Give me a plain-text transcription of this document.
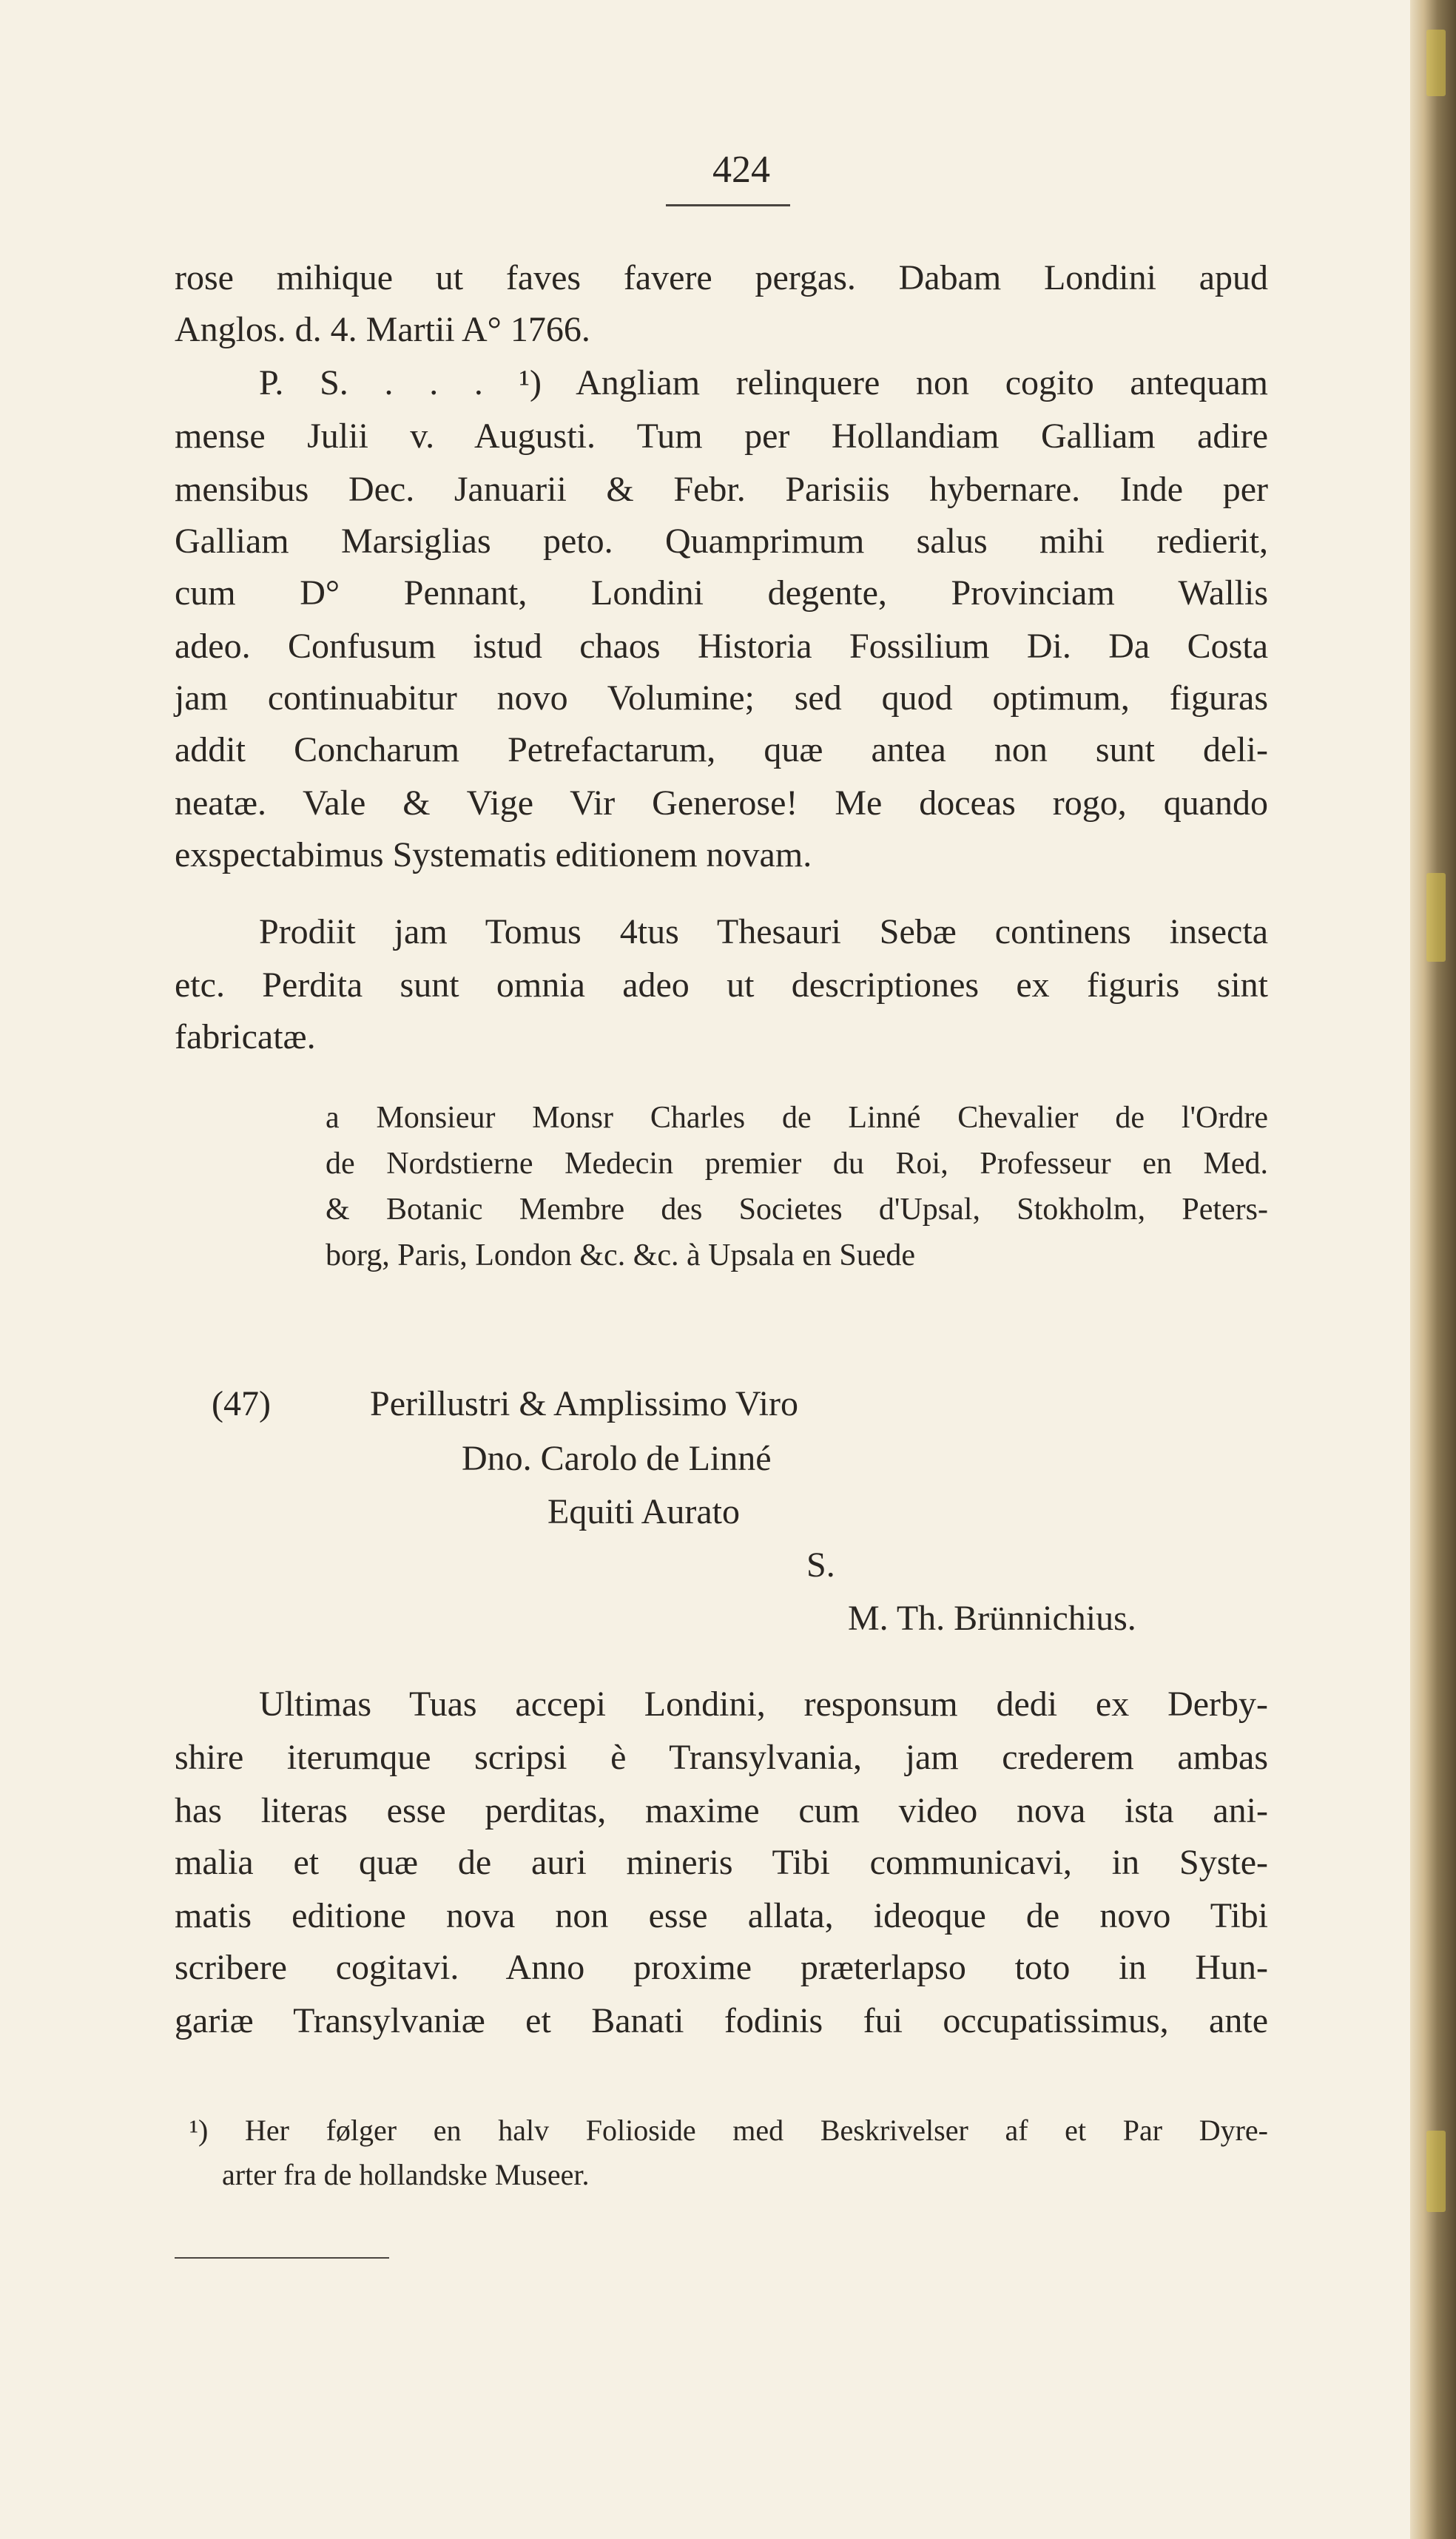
424
rose mihique ut faves favere pergas. Dabam Londini apud
Anglos. d. 4. Martii A° 1766.
P. S. . . . ¹) Angliam relinquere non cogito antequam
mense Julii v. Augusti. Tum per Hollandiam Galliam adire
mensibus Dec. Januarii & Febr. Parisiis hybernare. Inde per
Galliam Marsiglias peto. Quamprimum salus mihi redierit,
cum D° Pennant, Londini degente, Provinciam Wallis
adeo. Confusum istud chaos Historia Fossilium Di. Da Costa
jam continuabitur novo Volumine; sed quod optimum, figuras
addit Concharum Petrefactarum, quæ antea non sunt deli-
neatæ. Vale & Vige Vir Generose! Me doceas rogo, quando
exspectabimus Systematis editionem novam.
Prodiit jam Tomus 4tus Thesauri Sebæ continens insecta
etc. Perdita sunt omnia adeo ut descriptiones ex figuris sint
fabricatæ.
a Monsieur Monsr Charles de Linné Chevalier de l'Ordre
de Nordstierne Medecin premier du Roi, Professeur en Med.
& Botanic Membre des Societes d'Upsal, Stokholm, Peters-
borg, Paris, London &c. &c. à Upsala en Suede
(47)	Perillustri & Amplissimo Viro
Dno. Carolo de Linné
Equiti Aurato
S.
M. Th. Brünnichius.
Ultimas Tuas accepi Londini, responsum dedi ex Derby-
shire iterumque scripsi è Transylvania, jam crederem ambas
has literas esse perditas, maxime cum video nova ista ani-
malia et quæ de auri mineris Tibi communicavi, in Syste-
matis editione nova non esse allata, ideoque de novo Tibi
scribere cogitavi. Anno proxime præterlapso toto in Hun-
gariæ Transylvaniæ et Banati fodinis fui occupatissimus, ante
¹) Her følger en halv Folioside med Beskrivelser af et Par Dyre-
arter fra de hollandske Museer.
